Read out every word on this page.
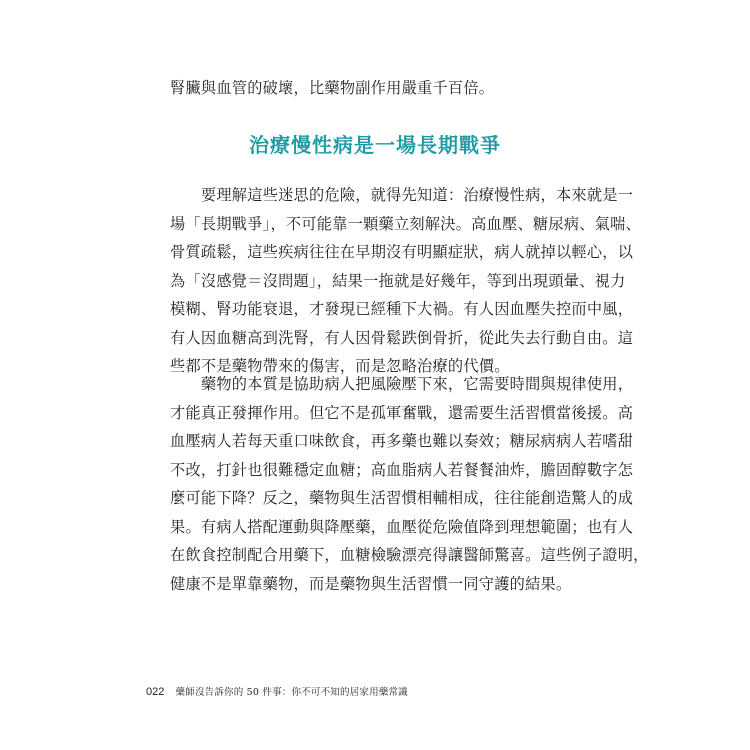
腎臟與血管的破壞，比藥物副作用嚴重千百倍。
治療慢性病是一場長期戰爭
　　要理解這些迷思的危險，就得先知道：治療慢性病，本來就是一
場「長期戰爭」，不可能靠一顆藥立刻解決。高血壓、糖尿病、氣喘、
骨質疏鬆，這些疾病往往在早期沒有明顯症狀，病人就掉以輕心，以
為「沒感覺＝沒問題」，結果一拖就是好幾年，等到出現頭暈、視力
模糊、腎功能衰退，才發現已經種下大禍。有人因血壓失控而中風，
有人因血糖高到洗腎，有人因骨鬆跌倒骨折，從此失去行動自由。這
些都不是藥物帶來的傷害，而是忽略治療的代價。
　　藥物的本質是協助病人把風險壓下來，它需要時間與規律使用，
才能真正發揮作用。但它不是孤軍奮戰，還需要生活習慣當後援。高
血壓病人若每天重口味飲食，再多藥也難以奏效；糖尿病病人若嗜甜
不改，打針也很難穩定血糖；高血脂病人若餐餐油炸，膽固醇數字怎
麼可能下降？反之，藥物與生活習慣相輔相成，往往能創造驚人的成
果。有病人搭配運動與降壓藥，血壓從危險值降到理想範圍；也有人
在飲食控制配合用藥下，血糖檢驗漂亮得讓醫師驚喜。這些例子證明，
健康不是單靠藥物，而是藥物與生活習慣一同守護的結果。
022 藥師沒告訴你的 50 件事：你不可不知的居家用藥常識
